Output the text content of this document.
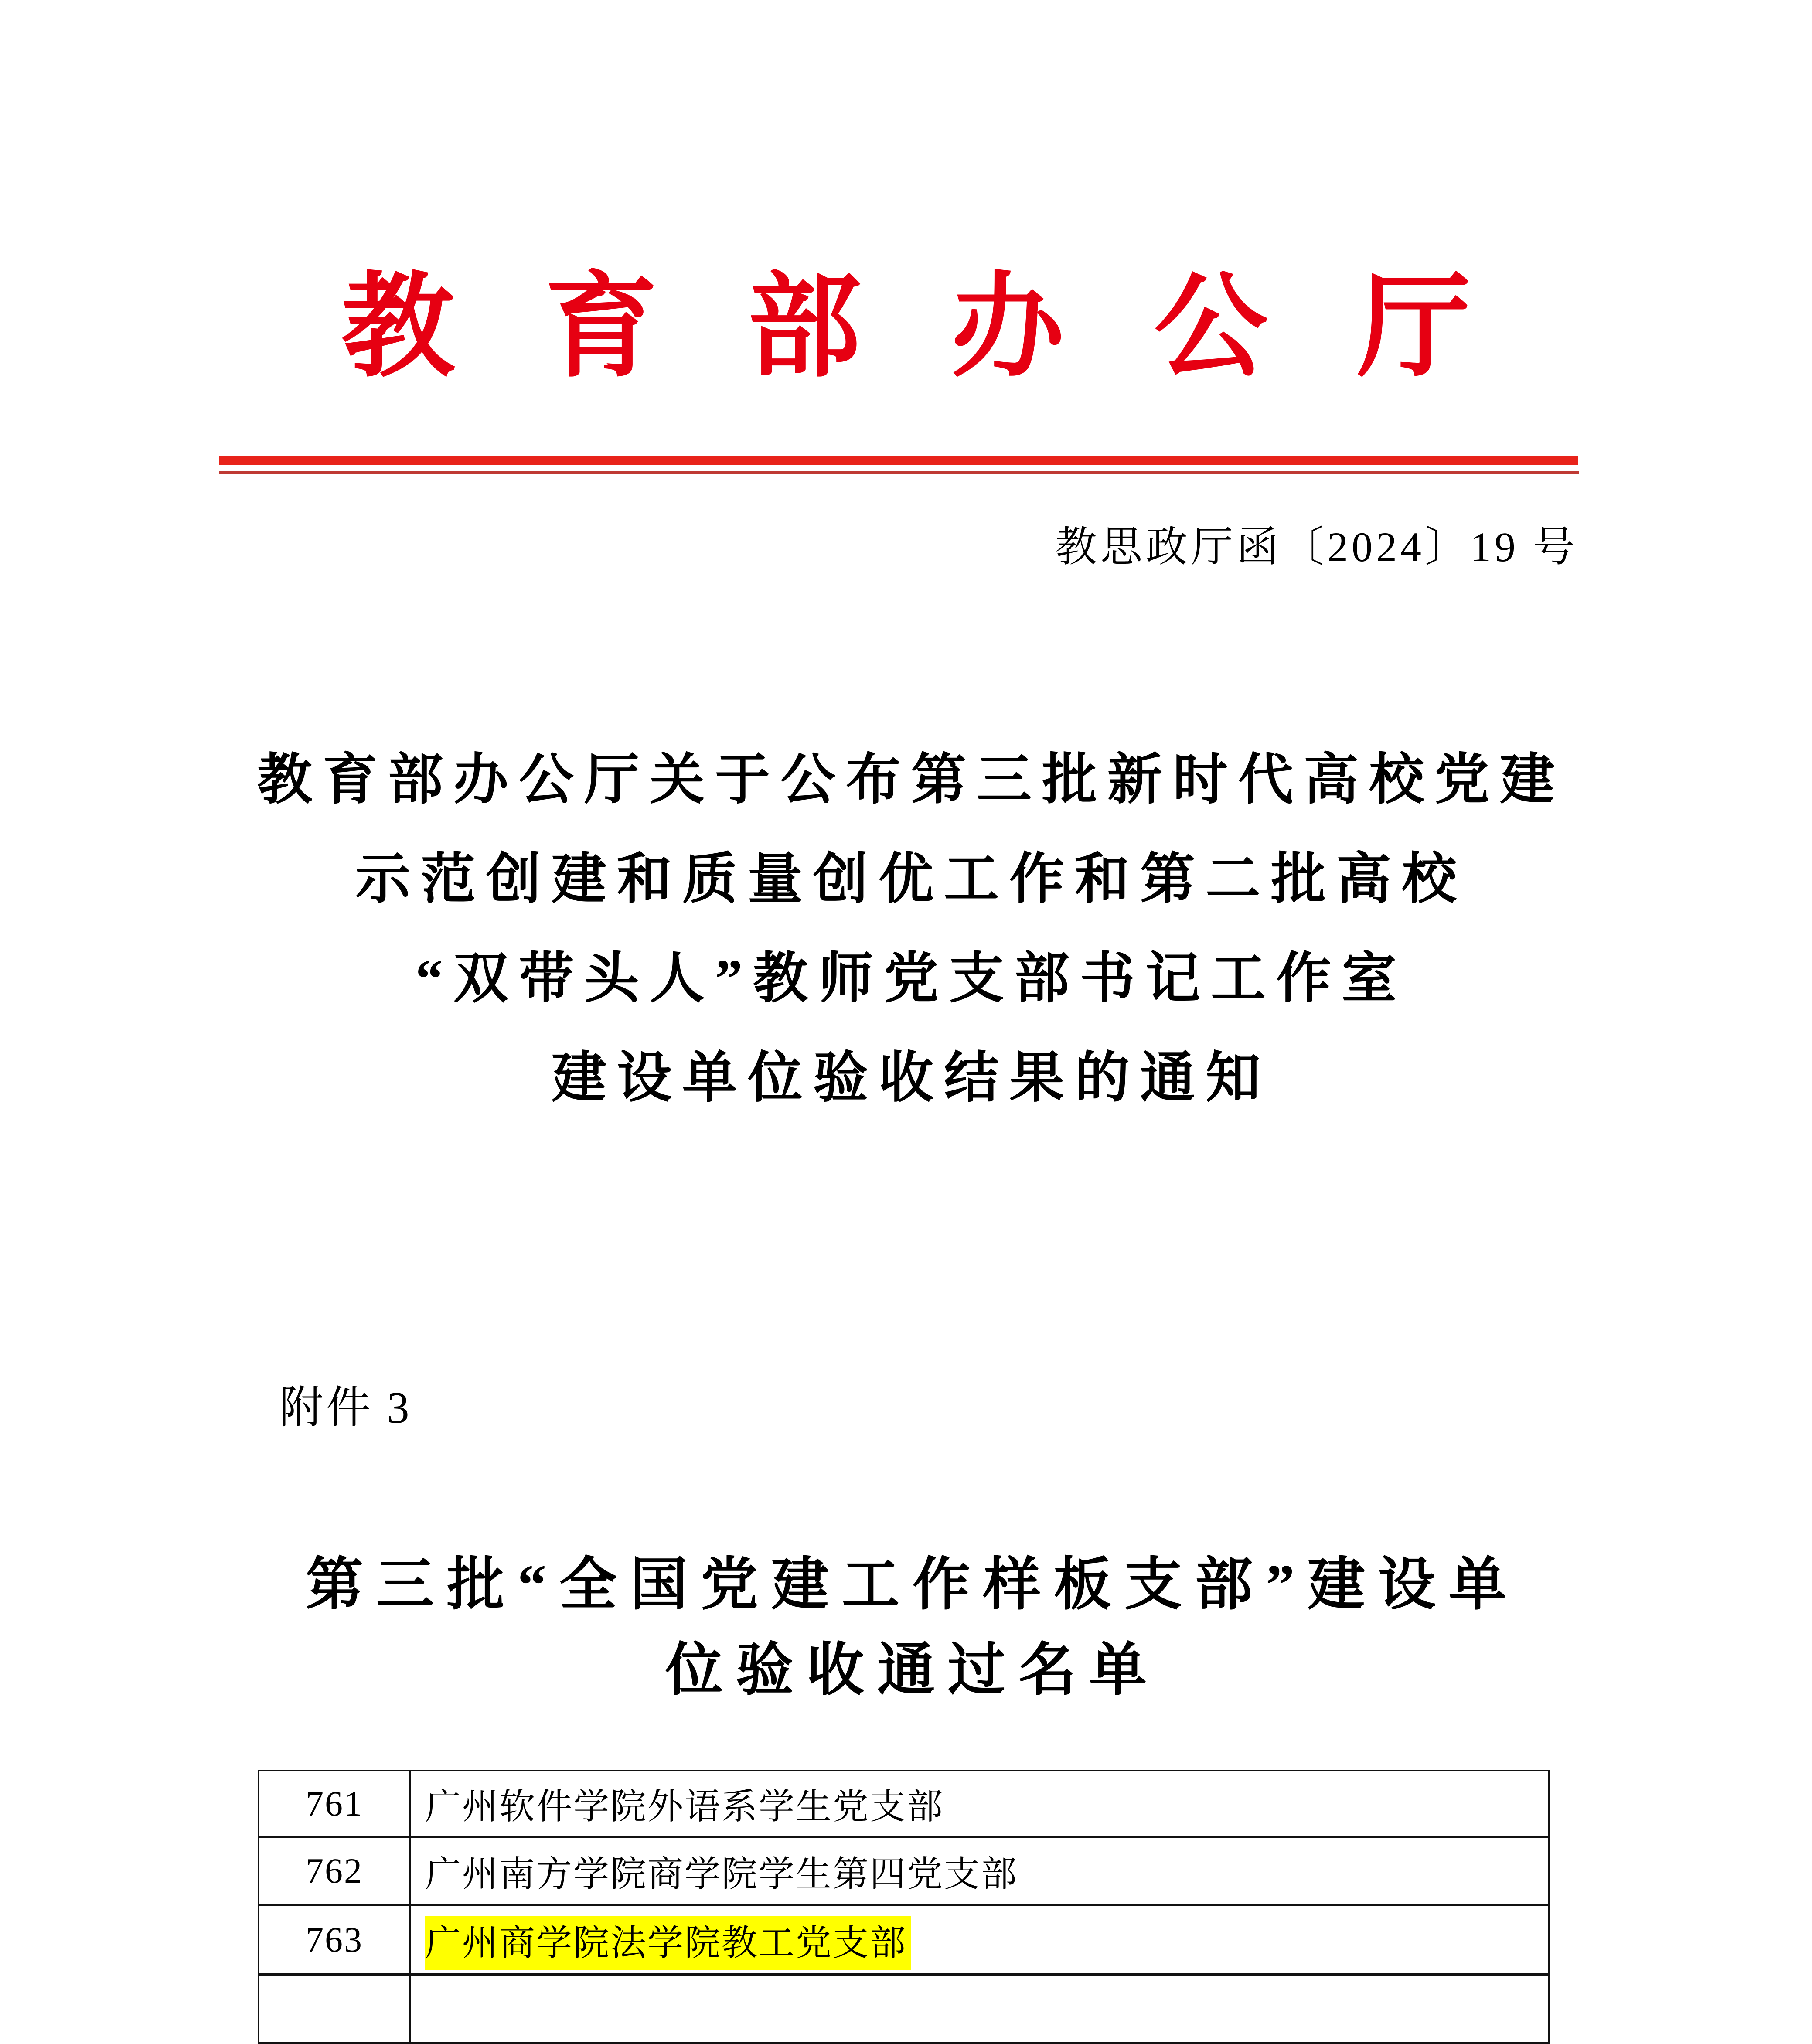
教育部办公厅
教思政厅函〔2024〕19 号
教育部办公厅关于公布第三批新时代高校党建
示范创建和质量创优工作和第二批高校
“双带头人”教师党支部书记工作室
建设单位验收结果的通知
附件 3
第三批“全国党建工作样板支部”建设单
位验收通过名单
761	广州软件学院外语系学生党支部
762	广州南方学院商学院学生第四党支部
763	广州商学院法学院教工党支部
